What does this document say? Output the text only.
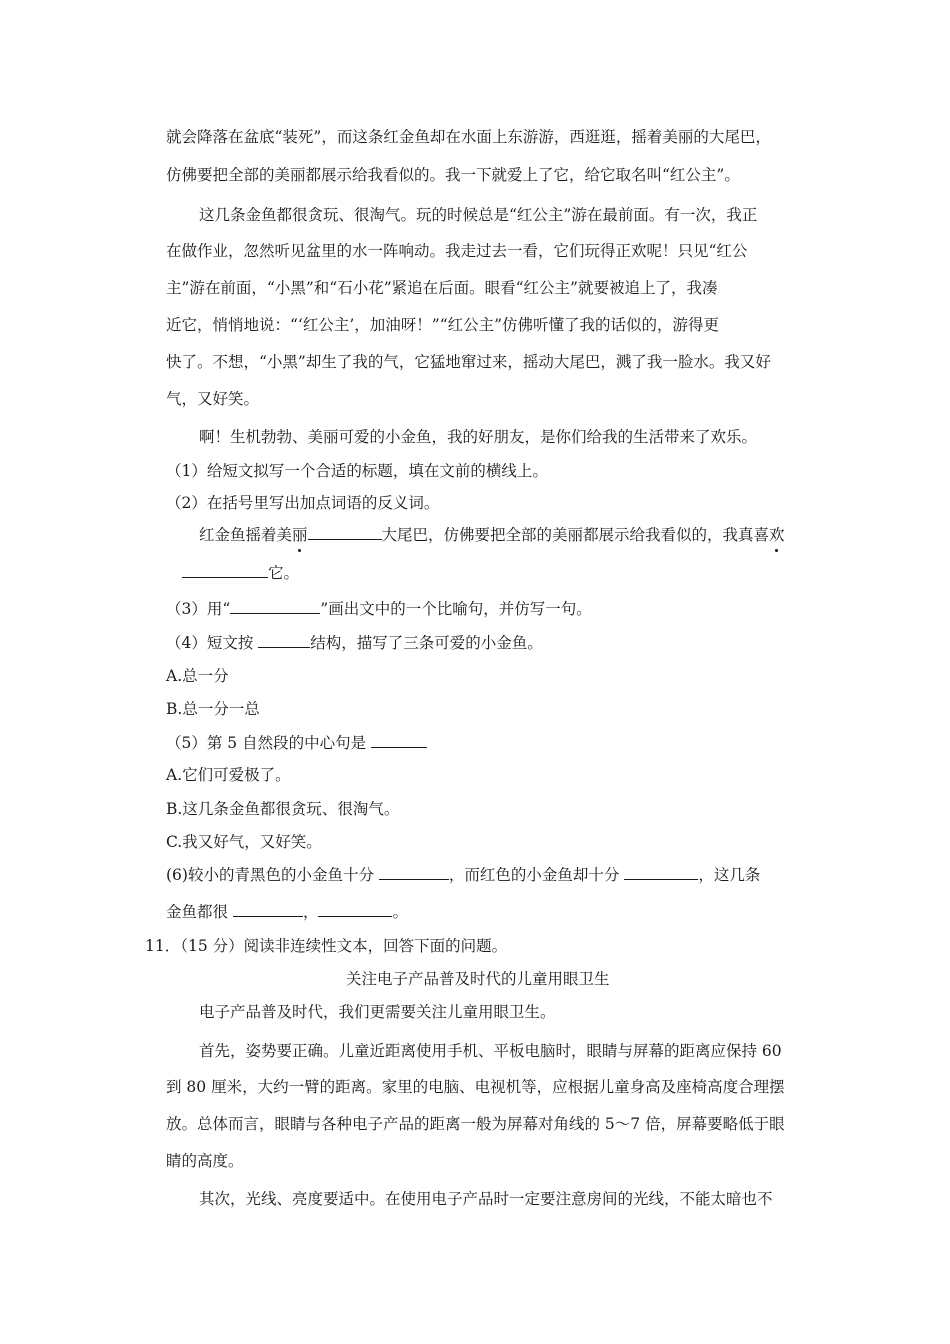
就会降落在盆底“装死”，而这条红金鱼却在水面上东游游，西逛逛，摇着美丽的大尾巴，
仿佛要把全部的美丽都展示给我看似的。我一下就爱上了它，给它取名叫“红公主”。
这几条金鱼都很贪玩、很淘气。玩的时候总是“红公主”游在最前面。有一次，我正
在做作业，忽然听见盆里的水一阵响动。我走过去一看，它们玩得正欢呢！只见“红公
主”游在前面，“小黑”和“石小花”紧追在后面。眼看“红公主”就要被追上了，我凑
近它，悄悄地说：“‘红公主’，加油呀！”“红公主”仿佛听懂了我的话似的，游得更
快了。不想，“小黑”却生了我的气，它猛地窜过来，摇动大尾巴，溅了我一脸水。我又好
气，又好笑。
啊！生机勃勃、美丽可爱的小金鱼，我的好朋友，是你们给我的生活带来了欢乐。
（1）给短文拟写一个合适的标题，填在文前的横线上。
（2）在括号里写出加点词语的反义词。
红金鱼摇着美丽	大尾巴，仿佛要把全部的美丽都展示给我看似的，我真喜欢
它。
（3）用“	”画出文中的一个比喻句，并仿写一句。
（4）短文按	结构，描写了三条可爱的小金鱼。
A.总一分
B.总一分一总
（5）第 5 自然段的中心句是
A.它们可爱极了。
B.这几条金鱼都很贪玩、很淘气。
C.我又好气，又好笑。
(6)较小的青黑色的小金鱼十分	，而红色的小金鱼却十分	，这几条
金鱼都很	，	。
11．（15 分）阅读非连续性文本，回答下面的问题。
关注电子产品普及时代的儿童用眼卫生
电子产品普及时代，我们更需要关注儿童用眼卫生。
首先，姿势要正确。儿童近距离使用手机、平板电脑时，眼睛与屏幕的距离应保持 60
到 80 厘米，大约一臂的距离。家里的电脑、电视机等，应根据儿童身高及座椅高度合理摆
放。总体而言，眼睛与各种电子产品的距离一般为屏幕对角线的 5～7 倍，屏幕要略低于眼
睛的高度。
其次，光线、亮度要适中。在使用电子产品时一定要注意房间的光线，不能太暗也不
